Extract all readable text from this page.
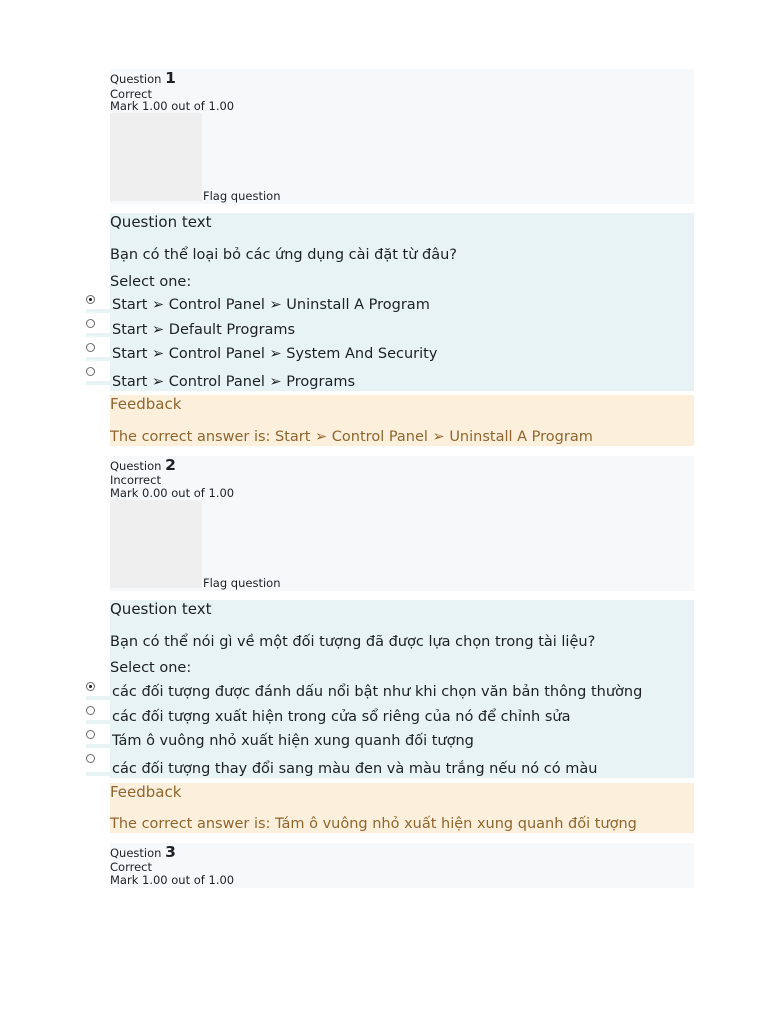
Question 1
Correct
Mark 1.00 out of 1.00
Flag question
Question text
Bạn có thể loại bỏ các ứng dụng cài đặt từ đâu?
Select one:
Start ➢ Control Panel ➢ Uninstall A Program
Start ➢ Default Programs
Start ➢ Control Panel ➢ System And Security
Start ➢ Control Panel ➢ Programs
Feedback
The correct answer is: Start ➢ Control Panel ➢ Uninstall A Program
Question 2
Incorrect
Mark 0.00 out of 1.00
Flag question
Question text
Bạn có thể nói gì về một đối tượng đã được lựa chọn trong tài liệu?
Select one:
các đối tượng được đánh dấu nổi bật như khi chọn văn bản thông thường
các đối tượng xuất hiện trong cửa sổ riêng của nó để chỉnh sửa
Tám ô vuông nhỏ xuất hiện xung quanh đối tượng
các đối tượng thay đổi sang màu đen và màu trắng nếu nó có màu
Feedback
The correct answer is: Tám ô vuông nhỏ xuất hiện xung quanh đối tượng
Question 3
Correct
Mark 1.00 out of 1.00
